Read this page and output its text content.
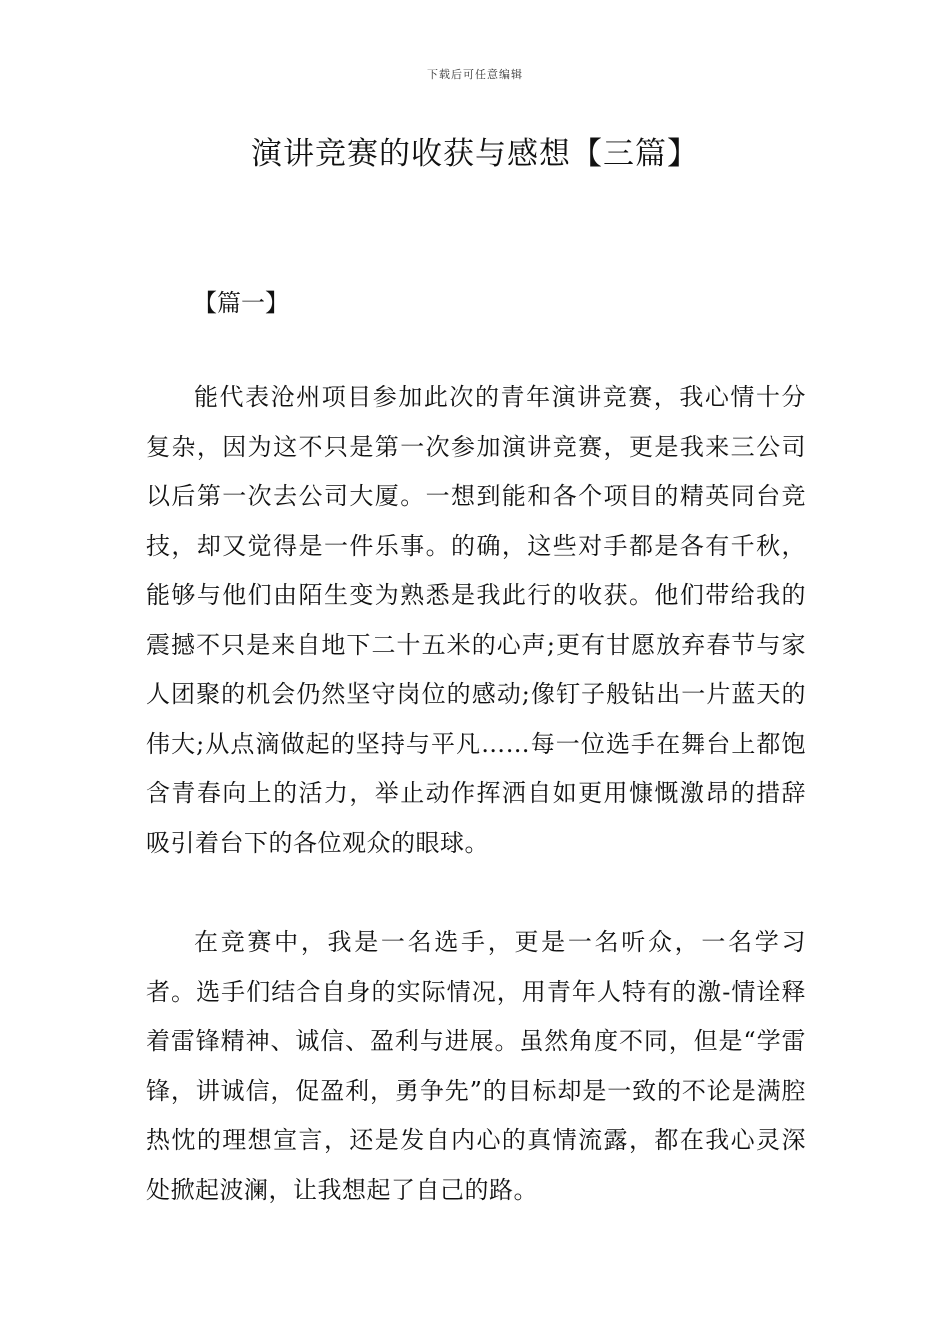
下载后可任意编辑
演讲竞赛的收获与感想【三篇】
【篇一】

能代表沧州项目参加此次的青年演讲竞赛，我心情十分复杂，因为这不只是第一次参加演讲竞赛，更是我来三公司以后第一次去公司大厦。一想到能和各个项目的精英同台竞技，却又觉得是一件乐事。的确，这些对手都是各有千秋，能够与他们由陌生变为熟悉是我此行的收获。他们带给我的震撼不只是来自地下二十五米的心声;更有甘愿放弃春节与家人团聚的机会仍然坚守岗位的感动;像钉子般钻出一片蓝天的伟大;从点滴做起的坚持与平凡……每一位选手在舞台上都饱含青春向上的活力，举止动作挥洒自如更用慷慨激昂的措辞吸引着台下的各位观众的眼球。

在竞赛中，我是一名选手，更是一名听众，一名学习者。选手们结合自身的实际情况，用青年人特有的激-情诠释着雷锋精神、诚信、盈利与进展。虽然角度不同，但是“学雷锋，讲诚信，促盈利，勇争先”的目标却是一致的不论是满腔热忱的理想宣言，还是发自内心的真情流露，都在我心灵深处掀起波澜，让我想起了自己的路。
